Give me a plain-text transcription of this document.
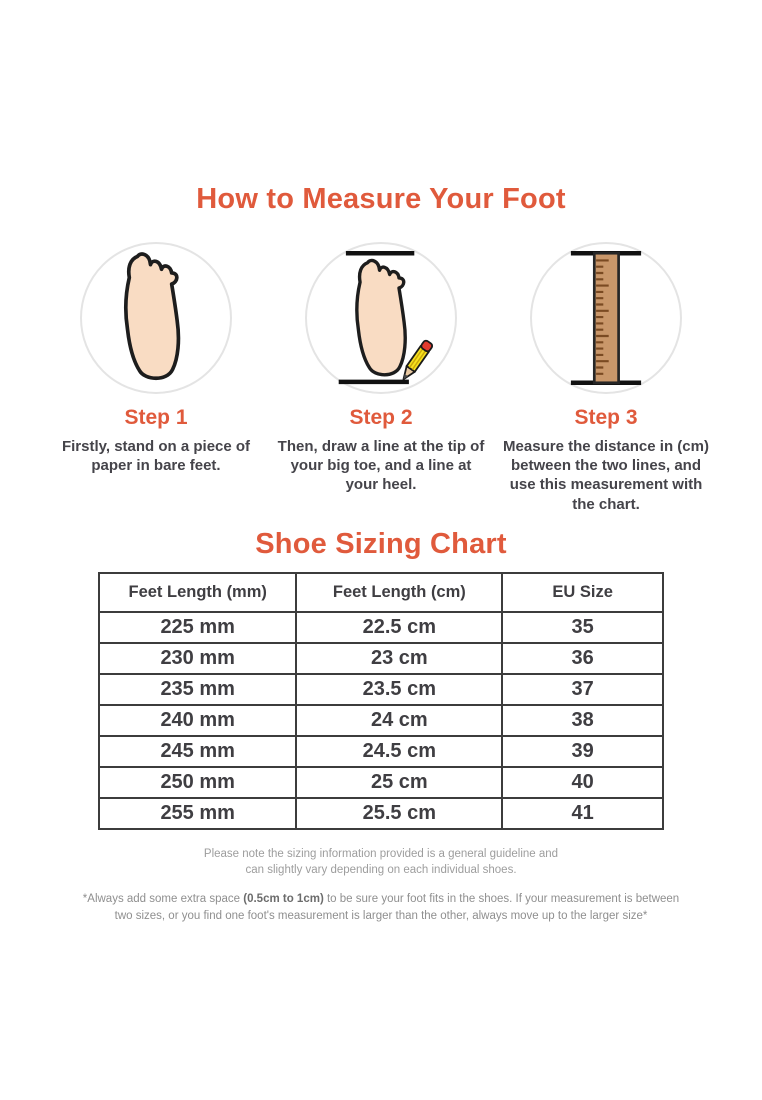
How to Measure Your Foot
Step 1
Firstly, stand on a piece of paper in bare feet.
Step 2
Then, draw a line at the tip of your big toe, and a line at your heel.
Step 3
Measure the distance in (cm) between the two lines, and use this measurement with the chart.
Shoe Sizing Chart
Feet Length (mm)	Feet Length (cm)	EU Size
225 mm	22.5 cm	35
230 mm	23 cm	36
235 mm	23.5 cm	37
240 mm	24 cm	38
245 mm	24.5 cm	39
250 mm	25 cm	40
255 mm	25.5 cm	41
Please note the sizing information provided is a general guideline and
can slightly vary depending on each individual shoes.
*Always add some extra space (0.5cm to 1cm) to be sure your foot fits in the shoes. If your measurement is between two sizes, or you find one foot's measurement is larger than the other, always move up to the larger size*
